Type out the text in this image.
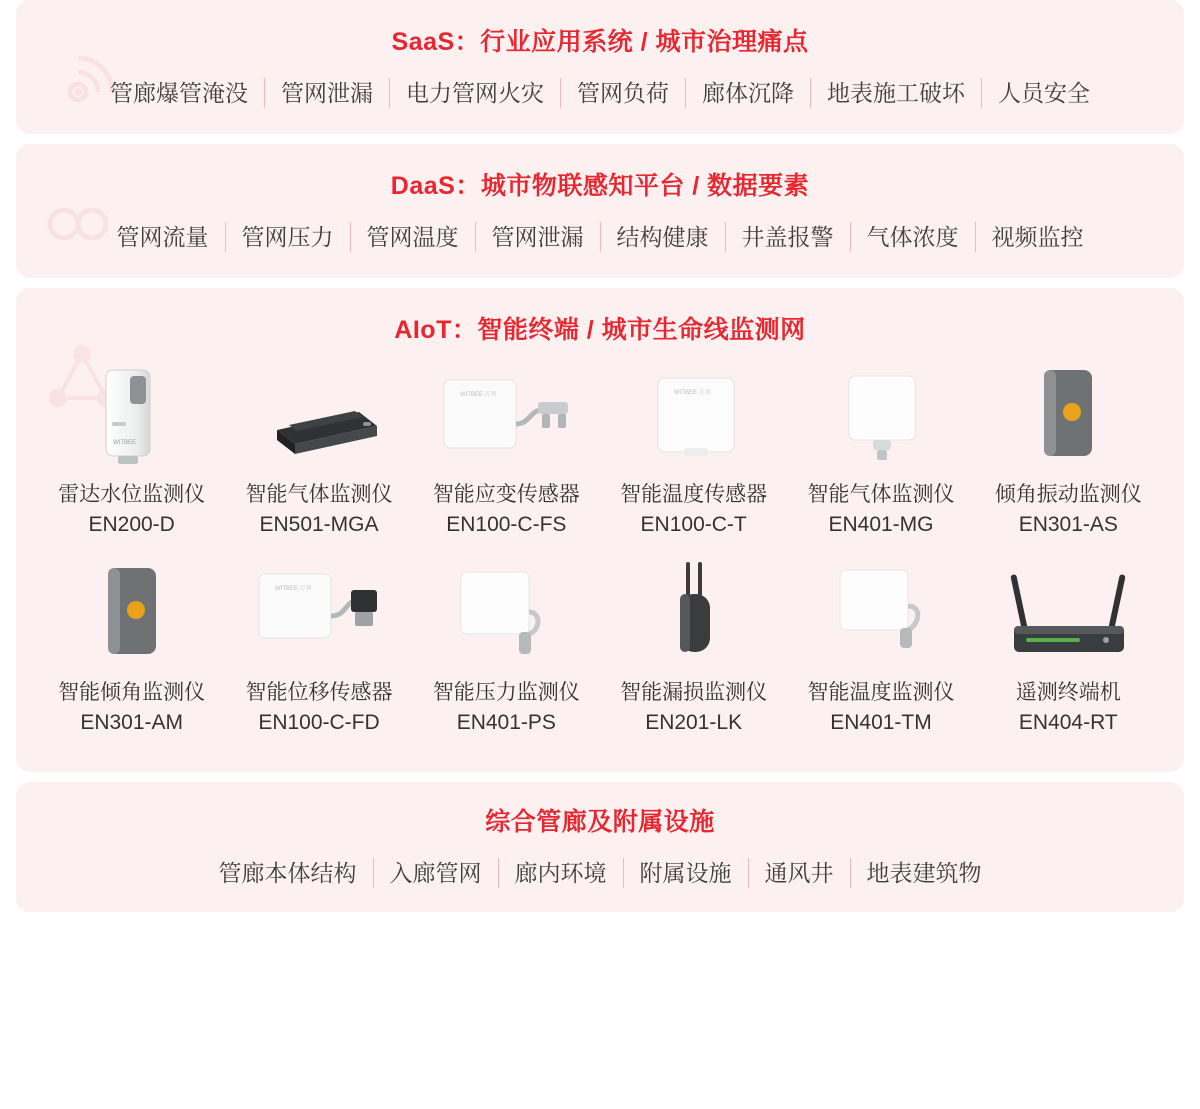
SaaS：行业应用系统 / 城市治理痛点
管廊爆管淹没	管网泄漏	电力管网火灾	管网负荷	廊体沉降	地表施工破坏	人员安全
DaaS：城市物联感知平台 / 数据要素
管网流量	管网压力	管网温度	管网泄漏	结构健康	井盖报警	气体浓度	视频监控
AIoT：智能终端 / 城市生命线监测网
WITBEE
雷达水位监测仪
EN200-D
智能气体监测仪
EN501-MGA
WITBEE 万宾
智能应变传感器
EN100-C-FS
WITBEE 万宾
智能温度传感器
EN100-C-T
智能气体监测仪
EN401-MG
倾角振动监测仪
EN301-AS
智能倾角监测仪
EN301-AM
WITBEE 万宾
智能位移传感器
EN100-C-FD
智能压力监测仪
EN401-PS
智能漏损监测仪
EN201-LK
智能温度监测仪
EN401-TM
遥测终端机
EN404-RT
综合管廊及附属设施
管廊本体结构	入廊管网	廊内环境	附属设施	通风井	地表建筑物
